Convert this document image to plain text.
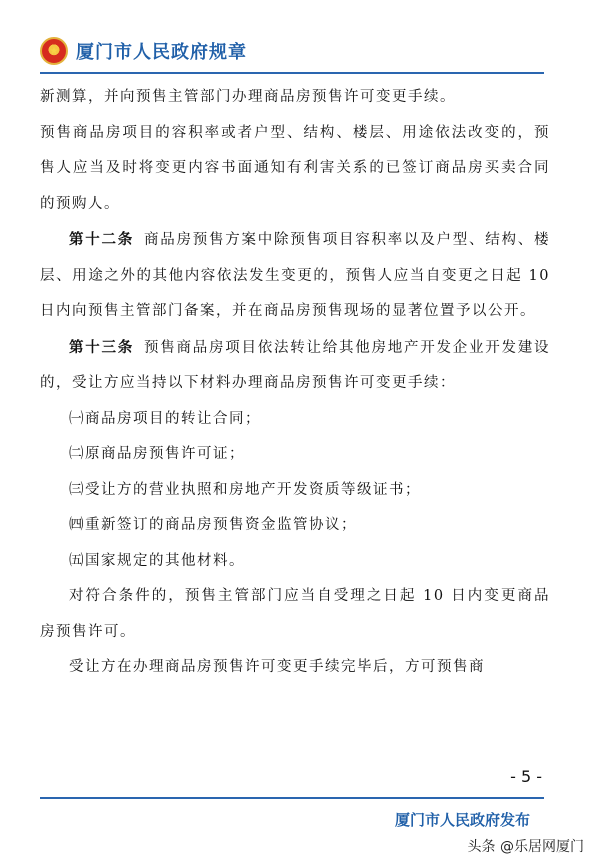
★ 厦门市人民政府规章

新测算，并向预售主管部门办理商品房预售许可变更手续。

预售商品房项目的容积率或者户型、结构、楼层、用途依法改变的，预售人应当及时将变更内容书面通知有利害关系的已签订商品房买卖合同的预购人。

第十二条 商品房预售方案中除预售项目容积率以及户型、结构、楼层、用途之外的其他内容依法发生变更的，预售人应当自变更之日起 10 日内向预售主管部门备案，并在商品房预售现场的显著位置予以公开。

第十三条 预售商品房项目依法转让给其他房地产开发企业开发建设的，受让方应当持以下材料办理商品房预售许可变更手续：

㈠商品房项目的转让合同；

㈡原商品房预售许可证；

㈢受让方的营业执照和房地产开发资质等级证书；

㈣重新签订的商品房预售资金监管协议；

㈤国家规定的其他材料。

对符合条件的，预售主管部门应当自受理之日起 10 日内变更商品房预售许可。

受让方在办理商品房预售许可变更手续完毕后，方可预售商

- 5 -
厦门市人民政府发布
头条 @乐居网厦门
